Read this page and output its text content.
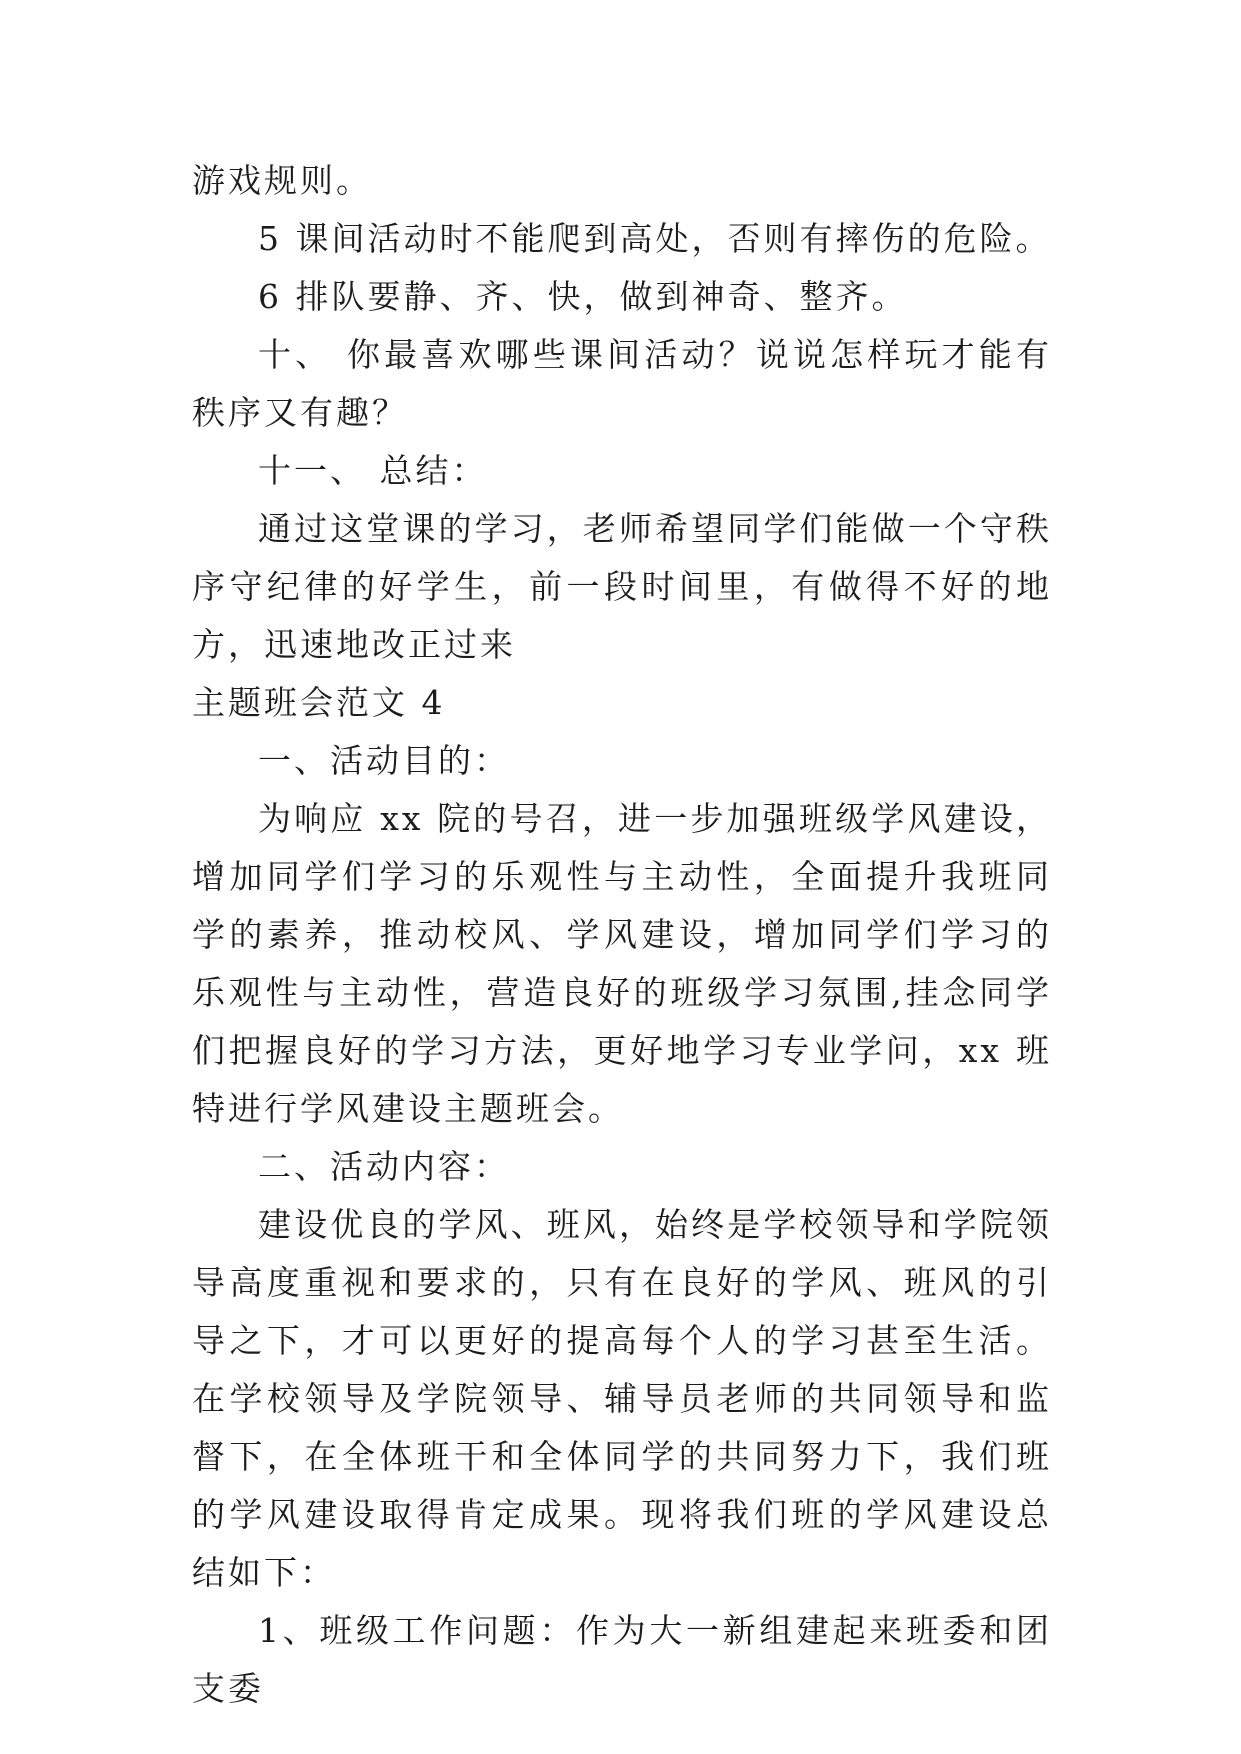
游戏规则。

5 课间活动时不能爬到高处，否则有摔伤的危险。

6 排队要静、齐、快，做到神奇、整齐。

十、 你最喜欢哪些课间活动？说说怎样玩才能有秩序又有趣？

十一、 总结：

通过这堂课的学习，老师希望同学们能做一个守秩序守纪律的好学生，前一段时间里，有做得不好的地方，迅速地改正过来

主题班会范文 4

一、活动目的：

为响应 xx 院的号召，进一步加强班级学风建设，增加同学们学习的乐观性与主动性，全面提升我班同学的素养，推动校风、学风建设，增加同学们学习的乐观性与主动性，营造良好的班级学习氛围,挂念同学们把握良好的学习方法，更好地学习专业学问，xx 班特进行学风建设主题班会。

二、活动内容：

建设优良的学风、班风，始终是学校领导和学院领导高度重视和要求的，只有在良好的学风、班风的引导之下，才可以更好的提高每个人的学习甚至生活。在学校领导及学院领导、辅导员老师的共同领导和监督下，在全体班干和全体同学的共同努力下，我们班的学风建设取得肯定成果。现将我们班的学风建设总结如下：

1、班级工作问题：作为大一新组建起来班委和团支委
